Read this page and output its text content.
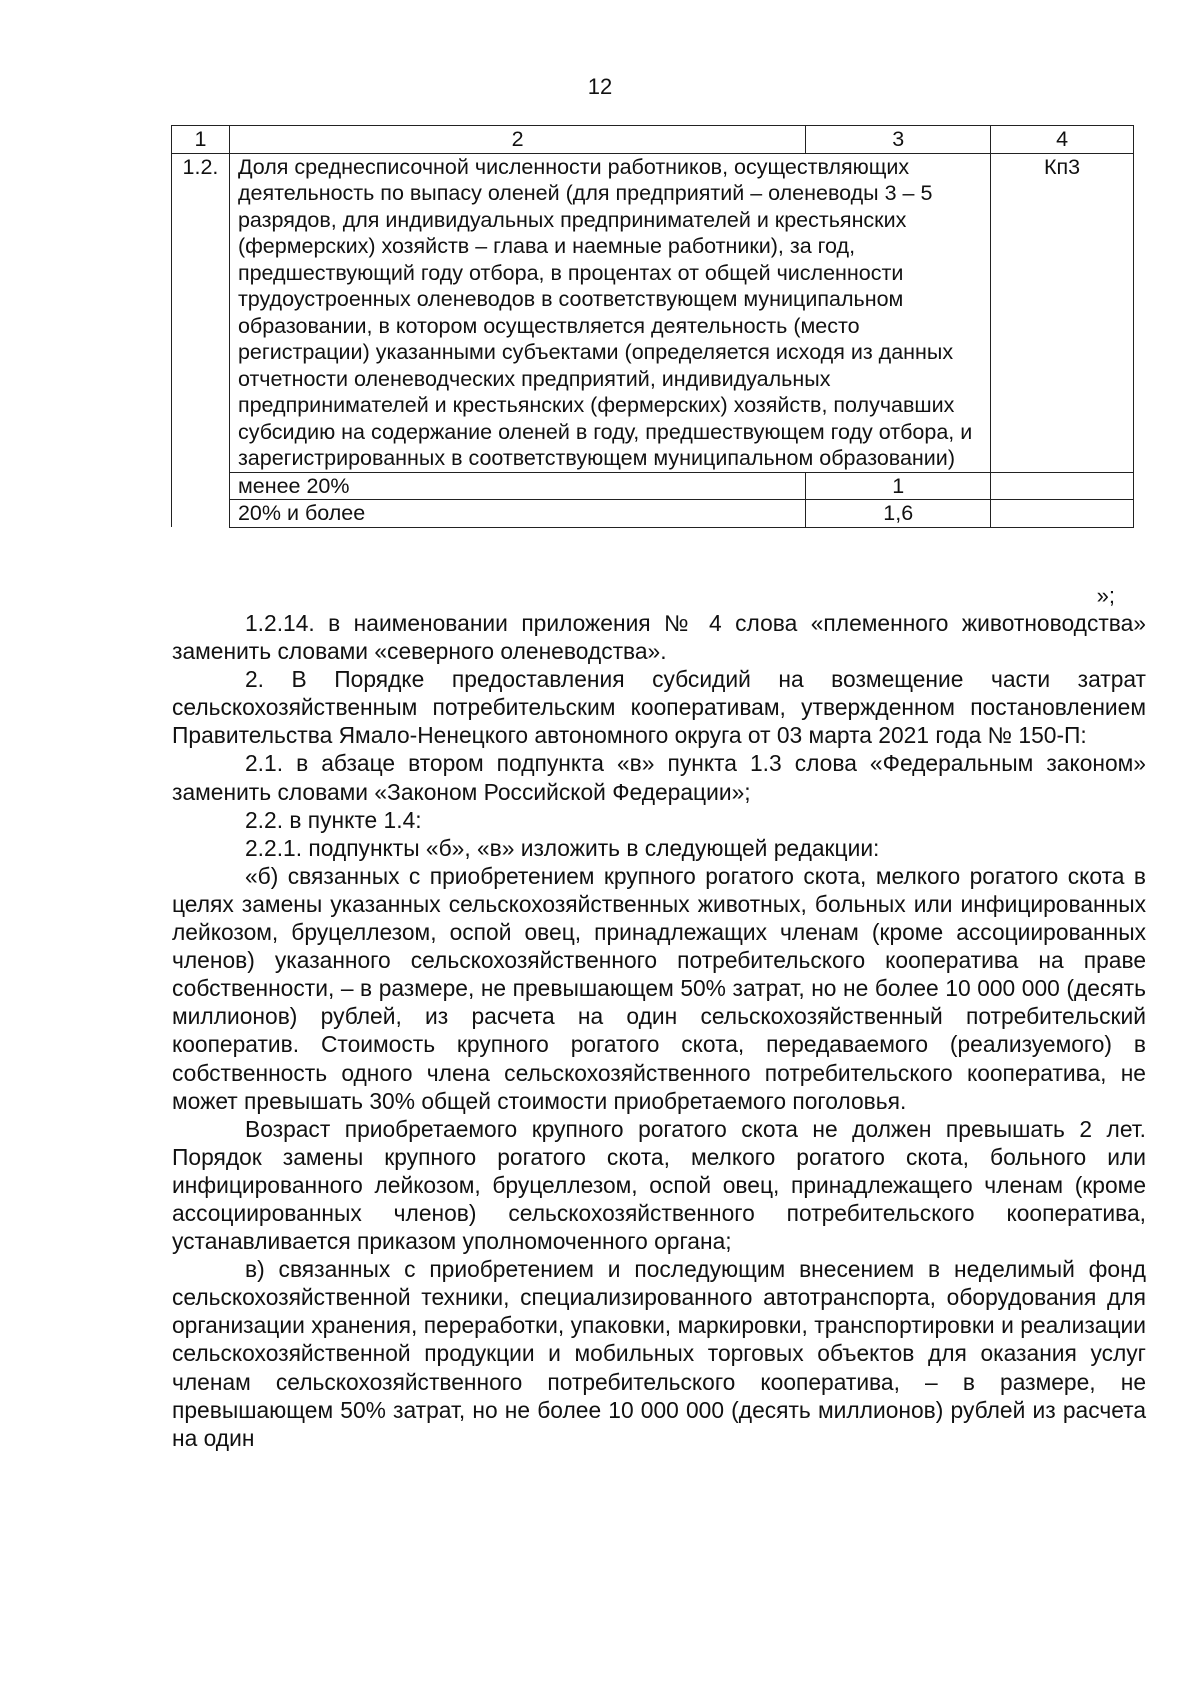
12
1	2	3	4
1.2.	Доля среднесписочной численности работников, осуществляющих деятельность по выпасу оленей (для предприятий – оленеводы 3 – 5 разрядов, для индивидуальных предпринимателей и крестьянских (фермерских) хозяйств – глава и наемные работники), за год, предшествующий году отбора, в процентах от общей численности трудоустроенных оленеводов в соответствующем муниципальном образовании, в котором осуществляется деятельность (место регистрации) указанными субъектами (определяется исходя из данных отчетности оленеводческих предприятий, индивидуальных предпринимателей и крестьянских (фермерских) хозяйств, получавших субсидию на содержание оленей в году, предшествующем году отбора, и зарегистрированных в соответствующем муниципальном образовании)		Кп3
	менее 20%	1	
	20% и более	1,6	
»;

1.2.14. в наименовании приложения № 4 слова «племенного животноводства» заменить словами «северного оленеводства».

2. В Порядке предоставления субсидий на возмещение части затрат сельскохозяйственным потребительским кооперативам, утвержденном постановлением Правительства Ямало-Ненецкого автономного округа от 03 марта 2021 года № 150-П:

2.1. в абзаце втором подпункта «в» пункта 1.3 слова «Федеральным законом» заменить словами «Законом Российской Федерации»;

2.2. в пункте 1.4:

2.2.1. подпункты «б», «в» изложить в следующей редакции:

«б) связанных с приобретением крупного рогатого скота, мелкого рогатого скота в целях замены указанных сельскохозяйственных животных, больных или инфицированных лейкозом, бруцеллезом, оспой овец, принадлежащих членам (кроме ассоциированных членов) указанного сельскохозяйственного потребительского кооператива на праве собственности, – в размере, не превышающем 50% затрат, но не более 10 000 000 (десять миллионов) рублей, из расчета на один сельскохозяйственный потребительский кооператив. Стоимость крупного рогатого скота, передаваемого (реализуемого) в собственность одного члена сельскохозяйственного потребительского кооператива, не может превышать 30% общей стоимости приобретаемого поголовья.

Возраст приобретаемого крупного рогатого скота не должен превышать 2 лет. Порядок замены крупного рогатого скота, мелкого рогатого скота, больного или инфицированного лейкозом, бруцеллезом, оспой овец, принадлежащего членам (кроме ассоциированных членов) сельскохозяйственного потребительского кооператива, устанавливается приказом уполномоченного органа;

в) связанных с приобретением и последующим внесением в неделимый фонд сельскохозяйственной техники, специализированного автотранспорта, оборудования для организации хранения, переработки, упаковки, маркировки, транспортировки и реализации сельскохозяйственной продукции и мобильных торговых объектов для оказания услуг членам сельскохозяйственного потребительского кооператива, – в размере, не превышающем 50% затрат, но не более 10 000 000 (десять миллионов) рублей из расчета на один
